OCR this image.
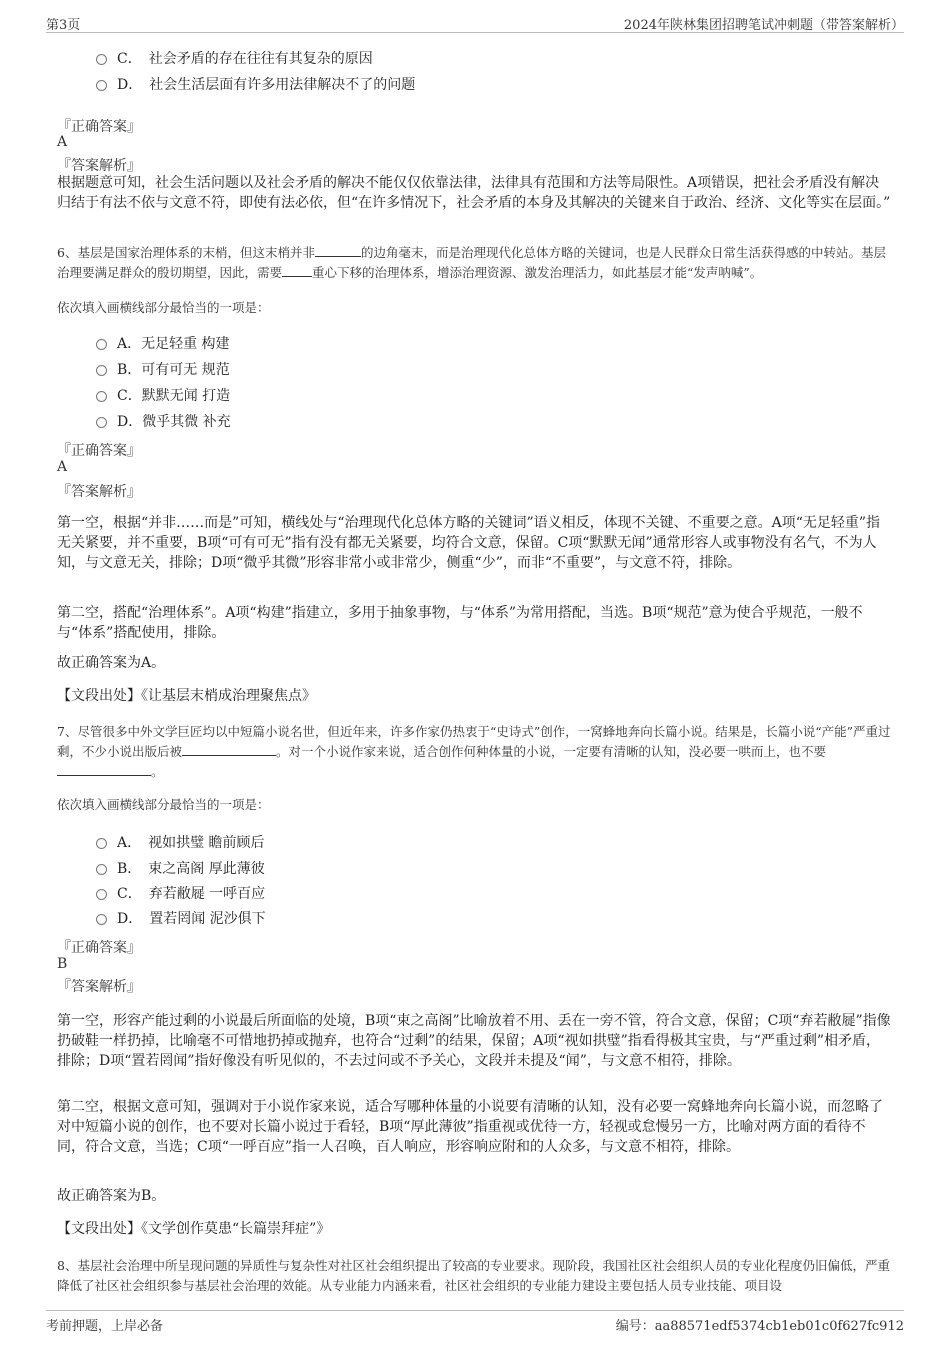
第3页	2024年陕林集团招聘笔试冲刺题（带答案解析）
C．　社会矛盾的存在往往有其复杂的原因
D．　社会生活层面有许多用法律解决不了的问题
『正确答案』
A
『答案解析』
根据题意可知，社会生活问题以及社会矛盾的解决不能仅仅依靠法律，法律具有范围和方法等局限性。A项错误，把社会矛盾没有解决归结于有法不依与文意不符，即使有法必依，但“在许多情况下，社会矛盾的本身及其解决的关键来自于政治、经济、文化等实在层面。”
6、基层是国家治理体系的末梢，但这末梢并非	的边角毫末，而是治理现代化总体方略的关键词，也是人民群众日常生活获得感的中转站。基层治理要满足群众的殷切期望，因此，需要 重心下移的治理体系，增添治理资源、激发治理活力，如此基层才能“发声呐喊”。
依次填入画横线部分最恰当的一项是：
A．无足轻重 构建
B．可有可无 规范
C．默默无闻 打造
D．微乎其微 补充
『正确答案』
A
『答案解析』
第一空，根据“并非……而是”可知，横线处与“治理现代化总体方略的关键词”语义相反，体现不关键、不重要之意。A项“无足轻重”指无关紧要，并不重要，B项“可有可无”指有没有都无关紧要，均符合文意，保留。C项“默默无闻”通常形容人或事物没有名气，不为人知，与文意无关，排除；D项“微乎其微”形容非常小或非常少，侧重“少”，而非“不重要”，与文意不符，排除。
第二空，搭配“治理体系”。A项“构建”指建立，多用于抽象事物，与“体系”为常用搭配，当选。B项“规范”意为使合乎规范，一般不与“体系”搭配使用，排除。
故正确答案为A。
【文段出处】《让基层末梢成治理聚焦点》
7、尽管很多中外文学巨匠均以中短篇小说名世，但近年来，许多作家仍热衷于“史诗式”创作，一窝蜂地奔向长篇小说。结果是，长篇小说“产能”严重过剩，不少小说出版后被	。对一个小说作家来说，适合创作何种体量的小说，一定要有清晰的认知，没必要一哄而上，也不要。
依次填入画横线部分最恰当的一项是：
A．　视如拱璧 瞻前顾后
B．　束之高阁 厚此薄彼
C．　弃若敝屣 一呼百应
D．　置若罔闻 泥沙俱下
『正确答案』
B
『答案解析』
第一空，形容产能过剩的小说最后所面临的处境，B项“束之高阁”比喻放着不用、丢在一旁不管，符合文意，保留；C项“弃若敝屣”指像扔破鞋一样扔掉，比喻毫不可惜地扔掉或抛弃，也符合“过剩”的结果，保留；A项“视如拱璧”指看得极其宝贵，与“严重过剩”相矛盾，排除；D项“置若罔闻”指好像没有听见似的，不去过问或不予关心，文段并未提及“闻”，与文意不相符，排除。
第二空，根据文意可知，强调对于小说作家来说，适合写哪种体量的小说要有清晰的认知，没有必要一窝蜂地奔向长篇小说，而忽略了对中短篇小说的创作，也不要对长篇小说过于看轻，B项“厚此薄彼”指重视或优待一方，轻视或怠慢另一方，比喻对两方面的看待不同，符合文意，当选；C项“一呼百应”指一人召唤，百人响应，形容响应附和的人众多，与文意不相符，排除。
故正确答案为B。
【文段出处】《文学创作莫患“长篇崇拜症”》
8、基层社会治理中所呈现问题的异质性与复杂性对社区社会组织提出了较高的专业要求。现阶段，我国社区社会组织人员的专业化程度仍旧偏低，严重降低了社区社会组织参与基层社会治理的效能。从专业能力内涵来看，社区社会组织的专业能力建设主要包括人员专业技能、项目设
考前押题，上岸必备	编号：aa88571edf5374cb1eb01c0f627fc912
